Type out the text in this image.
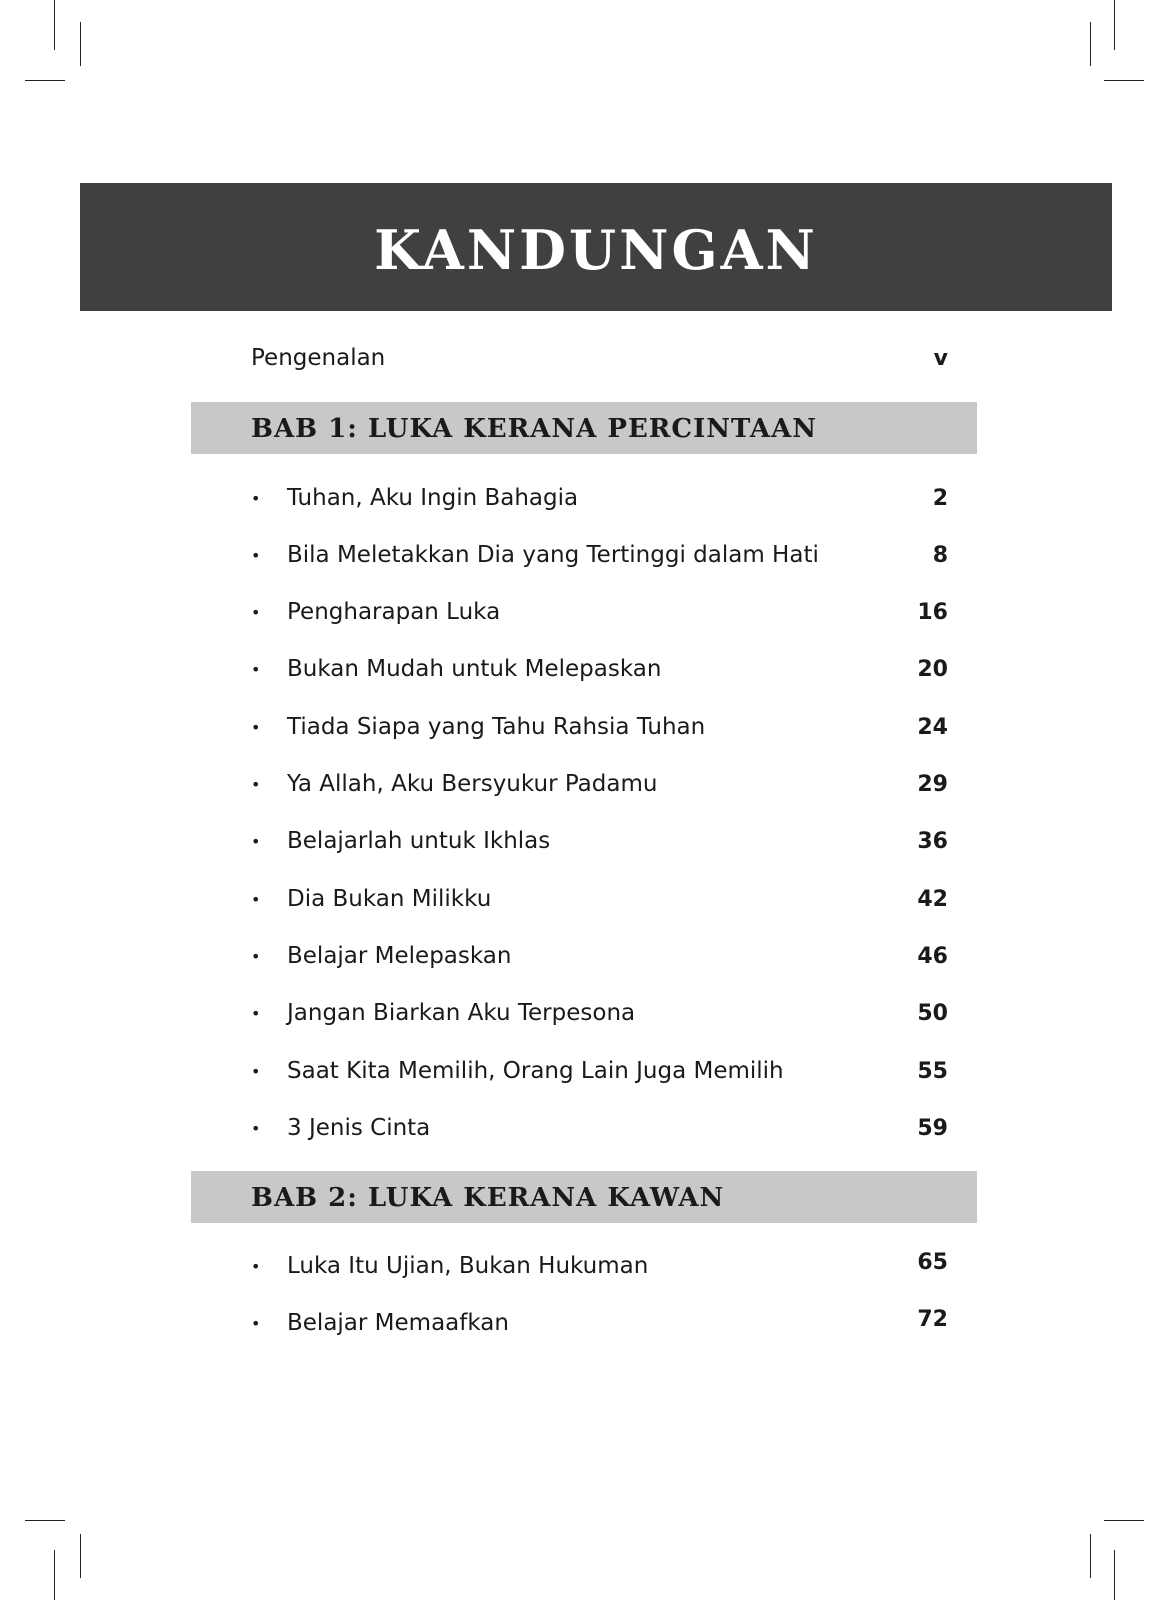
KANDUNGAN
Pengenalan	v
BAB 1: LUKA KERANA PERCINTAAN
•	Tuhan, Aku Ingin Bahagia	2
•	Bila Meletakkan Dia yang Tertinggi dalam Hati	8
•	Pengharapan Luka	16
•	Bukan Mudah untuk Melepaskan	20
•	Tiada Siapa yang Tahu Rahsia Tuhan	24
•	Ya Allah, Aku Bersyukur Padamu	29
•	Belajarlah untuk Ikhlas	36
•	Dia Bukan Milikku	42
•	Belajar Melepaskan	46
•	Jangan Biarkan Aku Terpesona	50
•	Saat Kita Memilih, Orang Lain Juga Memilih	55
•	3 Jenis Cinta	59
BAB 2: LUKA KERANA KAWAN
•	Luka Itu Ujian, Bukan Hukuman	65
•	Belajar Memaafkan	72
